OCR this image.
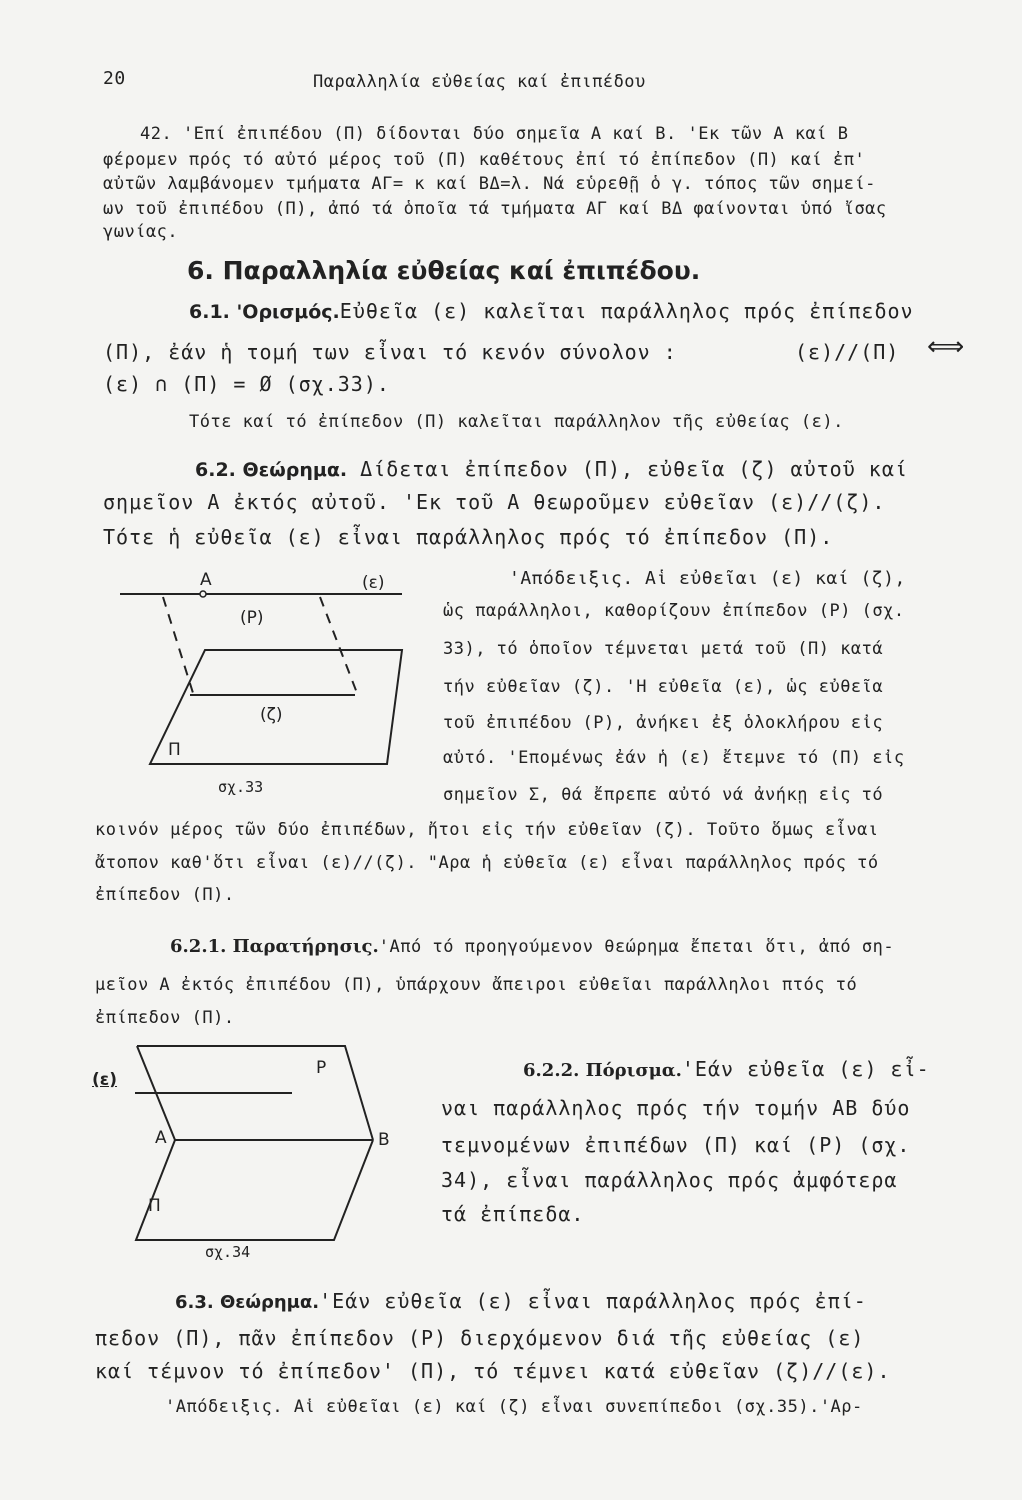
20	Παραλληλία εὐθείας καί ἐπιπέδου
42. 'Επί ἐπιπέδου (Π) δίδονται δύο σημεῖα Α καί Β. 'Εκ τῶν Α καί Β
φέρομεν πρός τό αὐτό μέρος τοῦ (Π) καθέτους ἐπί τό ἐπίπεδον (Π) καί ἐπ'
αὐτῶν λαμβάνομεν τμήματα ΑΓ= κ καί ΒΔ=λ. Νά εὑρεθῇ ὁ γ. τόπος τῶν σημεί-
ων τοῦ ἐπιπέδου (Π), ἀπό τά ὁποῖα τά τμήματα ΑΓ καί ΒΔ φαίνονται ὑπό ἴσας
γωνίας.
6. Παραλληλία εὐθείας καί ἐπιπέδου.
6.1. 'Ορισμός.Εὐθεῖα (ε) καλεῖται παράλληλος πρός ἐπίπεδον
(Π), ἐάν ἡ τομή των εἶναι τό κενόν σύνολον :	(ε)//(Π) ⟺
(ε) ∩ (Π) = Ø (σχ.33).
Τότε καί τό ἐπίπεδον (Π) καλεῖται παράλληλον τῆς εὐθείας (ε).
6.2. Θεώρημα. Δίδεται ἐπίπεδον (Π), εὐθεῖα (ζ) αὐτοῦ καί
σημεῖον Α ἐκτός αὐτοῦ. 'Εκ τοῦ Α θεωροῦμεν εὐθεῖαν (ε)//(ζ).
Τότε ἡ εὐθεῖα (ε) εἶναι παράλληλος πρός τό ἐπίπεδον (Π).
'Απόδειξις. Αἱ εὐθεῖαι (ε) καί (ζ),
ὡς παράλληλοι, καθορίζουν ἐπίπεδον (Ρ) (σχ.
33), τό ὁποῖον τέμνεται μετά τοῦ (Π) κατά
τήν εὐθεῖαν (ζ). 'Η εὐθεῖα (ε), ὡς εὐθεῖα
τοῦ ἐπιπέδου (Ρ), ἀνήκει ἐξ ὁλοκλήρου εἰς
αὐτό. 'Επομένως ἐάν ἡ (ε) ἔτεμνε τό (Π) εἰς
σημεῖον Σ, θά ἔπρεπε αὐτό νά ἀνήκῃ εἰς τό
κοινόν μέρος τῶν δύο ἐπιπέδων, ἤτοι εἰς τήν εὐθεῖαν (ζ). Τοῦτο ὅμως εἶναι
ἄτοπον καθ'ὅτι εἶναι (ε)//(ζ). "Αρα ἡ εὐθεῖα (ε) εἶναι παράλληλος πρός τό
ἐπίπεδον (Π).
A	(ε)
(P)
(ζ)
Π
σχ.33
6.2.1. Παρατήρησις.'Από τό προηγούμενον θεώρημα ἔπεται ὅτι, ἀπό ση-
μεῖον Α ἐκτός ἐπιπέδου (Π), ὑπάρχουν ἄπειροι εὐθεῖαι παράλληλοι πτός τό
ἐπίπεδον (Π).
(ε)
P
A	B
Π
σχ.34
6.2.2. Πόρισμα.'Εάν εὐθεῖα (ε) εἶ-
ναι παράλληλος πρός τήν τομήν ΑΒ δύο
τεμνομένων ἐπιπέδων (Π) καί (Ρ) (σχ.
34), εἶναι παράλληλος πρός ἀμφότερα
τά ἐπίπεδα.
6.3. Θεώρημα.'Εάν εὐθεῖα (ε) εἶναι παράλληλος πρός ἐπί-
πεδον (Π), πᾶν ἐπίπεδον (Ρ) διερχόμενον διά τῆς εὐθείας (ε)
καί τέμνον τό ἐπίπεδον' (Π), τό τέμνει κατά εὐθεῖαν (ζ)//(ε).
'Απόδειξις. Αἱ εὐθεῖαι (ε) καί (ζ) εἶναι συνεπίπεδοι (σχ.35).'Αρ-
